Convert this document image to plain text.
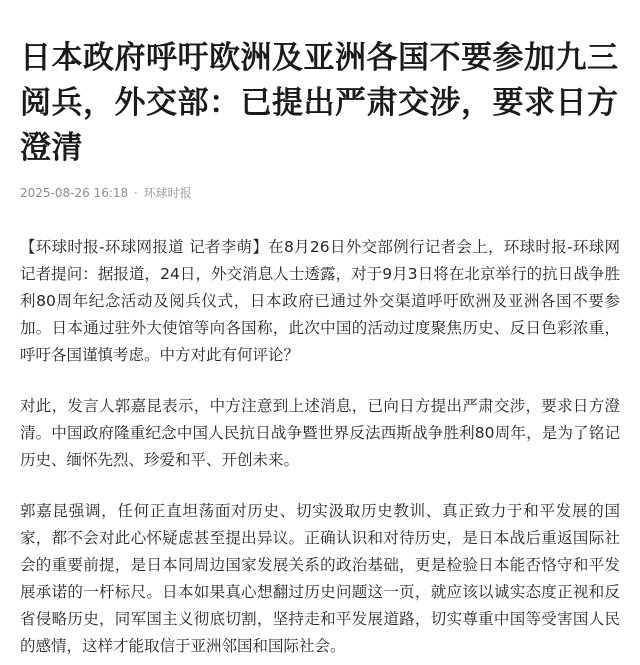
日本政府呼吁欧洲及亚洲各国不要参加九三阅兵，外交部：已提出严肃交涉，要求日方澄清
2025-08-26 16:18 · 环球时报

【环球时报-环球网报道 记者李萌】在8月26日外交部例行记者会上，环球时报-环球网记者提问：据报道，24日，外交消息人士透露，对于9月3日将在北京举行的抗日战争胜利80周年纪念活动及阅兵仪式，日本政府已通过外交渠道呼吁欧洲及亚洲各国不要参加。日本通过驻外大使馆等向各国称，此次中国的活动过度聚焦历史、反日色彩浓重，呼吁各国谨慎考虑。中方对此有何评论？

对此，发言人郭嘉昆表示，中方注意到上述消息，已向日方提出严肃交涉，要求日方澄清。中国政府隆重纪念中国人民抗日战争暨世界反法西斯战争胜利80周年，是为了铭记历史、缅怀先烈、珍爱和平、开创未来。

郭嘉昆强调，任何正直坦荡面对历史、切实汲取历史教训、真正致力于和平发展的国家，都不会对此心怀疑虑甚至提出异议。正确认识和对待历史，是日本战后重返国际社会的重要前提，是日本同周边国家发展关系的政治基础，更是检验日本能否恪守和平发展承诺的一杆标尺。日本如果真心想翻过历史问题这一页，就应该以诚实态度正视和反省侵略历史，同军国主义彻底切割，坚持走和平发展道路，切实尊重中国等受害国人民的感情，这样才能取信于亚洲邻国和国际社会。
